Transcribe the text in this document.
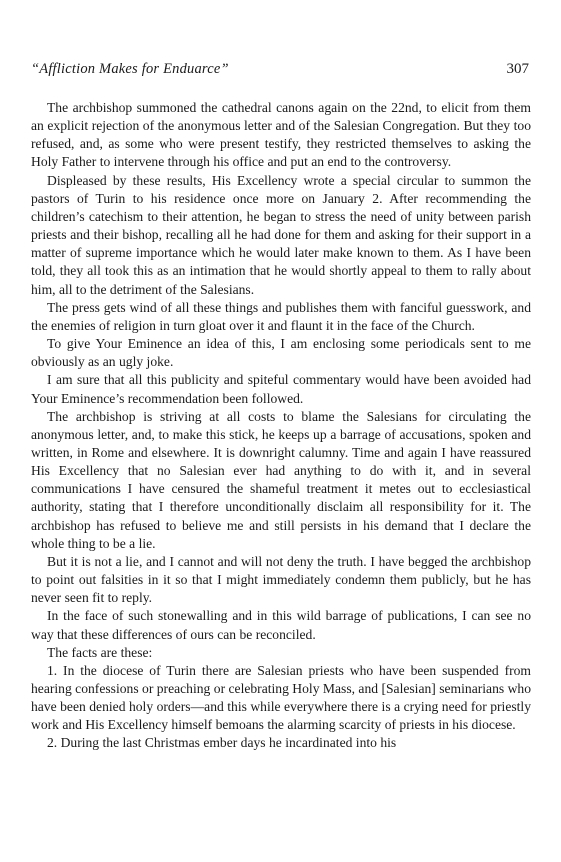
“Affliction Makes for Enduarce”	307

The archbishop summoned the cathedral canons again on the 22nd, to elicit from them an explicit rejection of the anonymous letter and of the Salesian Congregation. But they too refused, and, as some who were present testify, they restricted themselves to asking the Holy Father to intervene through his office and put an end to the controversy.

Displeased by these results, His Excellency wrote a special circular to summon the pastors of Turin to his residence once more on January 2. After recommending the children’s catechism to their attention, he began to stress the need of unity between parish priests and their bishop, recalling all he had done for them and asking for their support in a matter of supreme importance which he would later make known to them. As I have been told, they all took this as an intimation that he would shortly appeal to them to rally about him, all to the detriment of the Salesians.

The press gets wind of all these things and publishes them with fanciful guesswork, and the enemies of religion in turn gloat over it and flaunt it in the face of the Church.

To give Your Eminence an idea of this, I am enclosing some periodicals sent to me obviously as an ugly joke.

I am sure that all this publicity and spiteful commentary would have been avoided had Your Eminence’s recommendation been followed.

The archbishop is striving at all costs to blame the Salesians for circulating the anonymous letter, and, to make this stick, he keeps up a barrage of accusations, spoken and written, in Rome and elsewhere. It is downright calumny. Time and again I have reassured His Excellency that no Salesian ever had anything to do with it, and in several communications I have censured the shameful treatment it metes out to ecclesiastical authority, stating that I therefore unconditionally disclaim all responsibility for it. The archbishop has refused to believe me and still persists in his demand that I declare the whole thing to be a lie.

But it is not a lie, and I cannot and will not deny the truth. I have begged the archbishop to point out falsities in it so that I might immediately condemn them publicly, but he has never seen fit to reply.

In the face of such stonewalling and in this wild barrage of publications, I can see no way that these differences of ours can be reconciled.

The facts are these:

1. In the diocese of Turin there are Salesian priests who have been suspended from hearing confessions or preaching or celebrating Holy Mass, and [Salesian] seminarians who have been denied holy orders—and this while everywhere there is a crying need for priestly work and His Excellency himself bemoans the alarming scarcity of priests in his diocese.

2. During the last Christmas ember days he incardinated into his
